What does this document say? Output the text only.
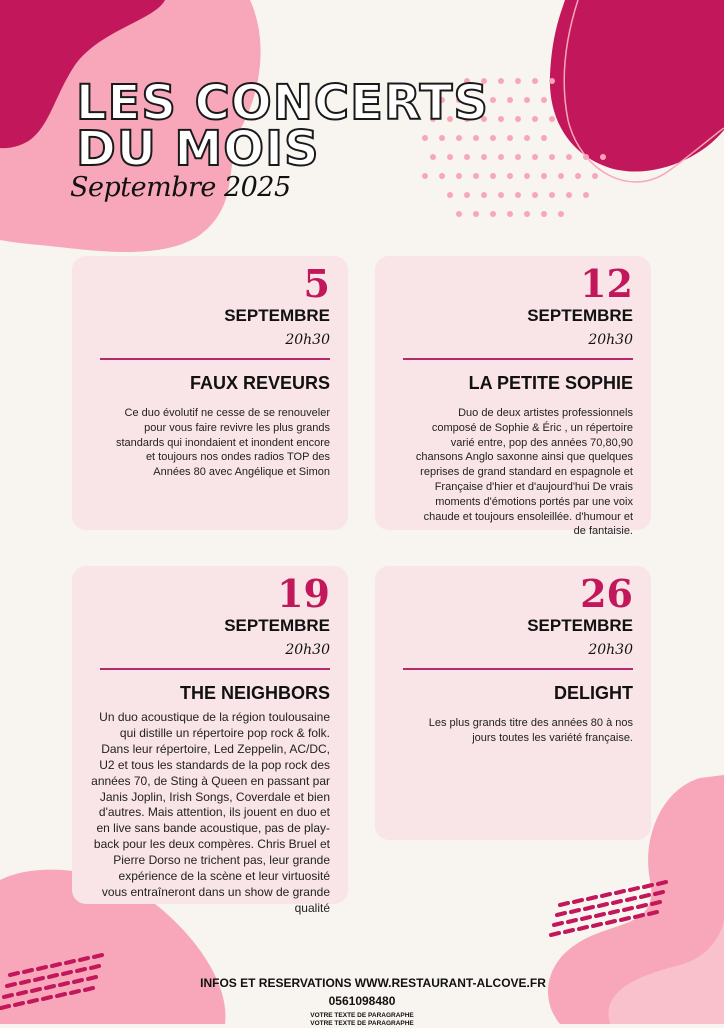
LES CONCERTS
DU MOIS
Septembre 2025
5
SEPTEMBRE
20h30
FAUX REVEURS
Ce duo évolutif ne cesse de se renouveler pour vous faire revivre les plus grands standards qui inondaient et inondent encore et toujours nos ondes radios TOP des Années 80 avec Angélique et Simon
12
SEPTEMBRE
20h30
LA PETITE SOPHIE
Duo de deux artistes professionnels composé de Sophie & Éric , un répertoire varié entre, pop des années 70,80,90 chansons Anglo saxonne ainsi que quelques reprises de grand standard en espagnole et Française d'hier et d'aujourd'hui De vrais moments d'émotions portés par une voix chaude et toujours ensoleillée. d'humour et de fantaisie.
19
SEPTEMBRE
20h30
THE NEIGHBORS
Un duo acoustique de la région toulousaine qui distille un répertoire pop rock & folk. Dans leur répertoire, Led Zeppelin, AC/DC, U2 et tous les standards de la pop rock des années 70, de Sting à Queen en passant par Janis Joplin, Irish Songs, Coverdale et bien d'autres. Mais attention, ils jouent en duo et en live sans bande acoustique, pas de play-back pour les deux compères. Chris Bruel et Pierre Dorso ne trichent pas, leur grande expérience de la scène et leur virtuosité vous entraîneront dans un show de grande qualité
26
SEPTEMBRE
20h30
DELIGHT
Les plus grands titre des années 80 à nos jours toutes les variété française.
INFOS ET RESERVATIONS WWW.RESTAURANT-ALCOVE.FR
0561098480
VOTRE TEXTE DE PARAGRAPHE
VOTRE TEXTE DE PARAGRAPHE
